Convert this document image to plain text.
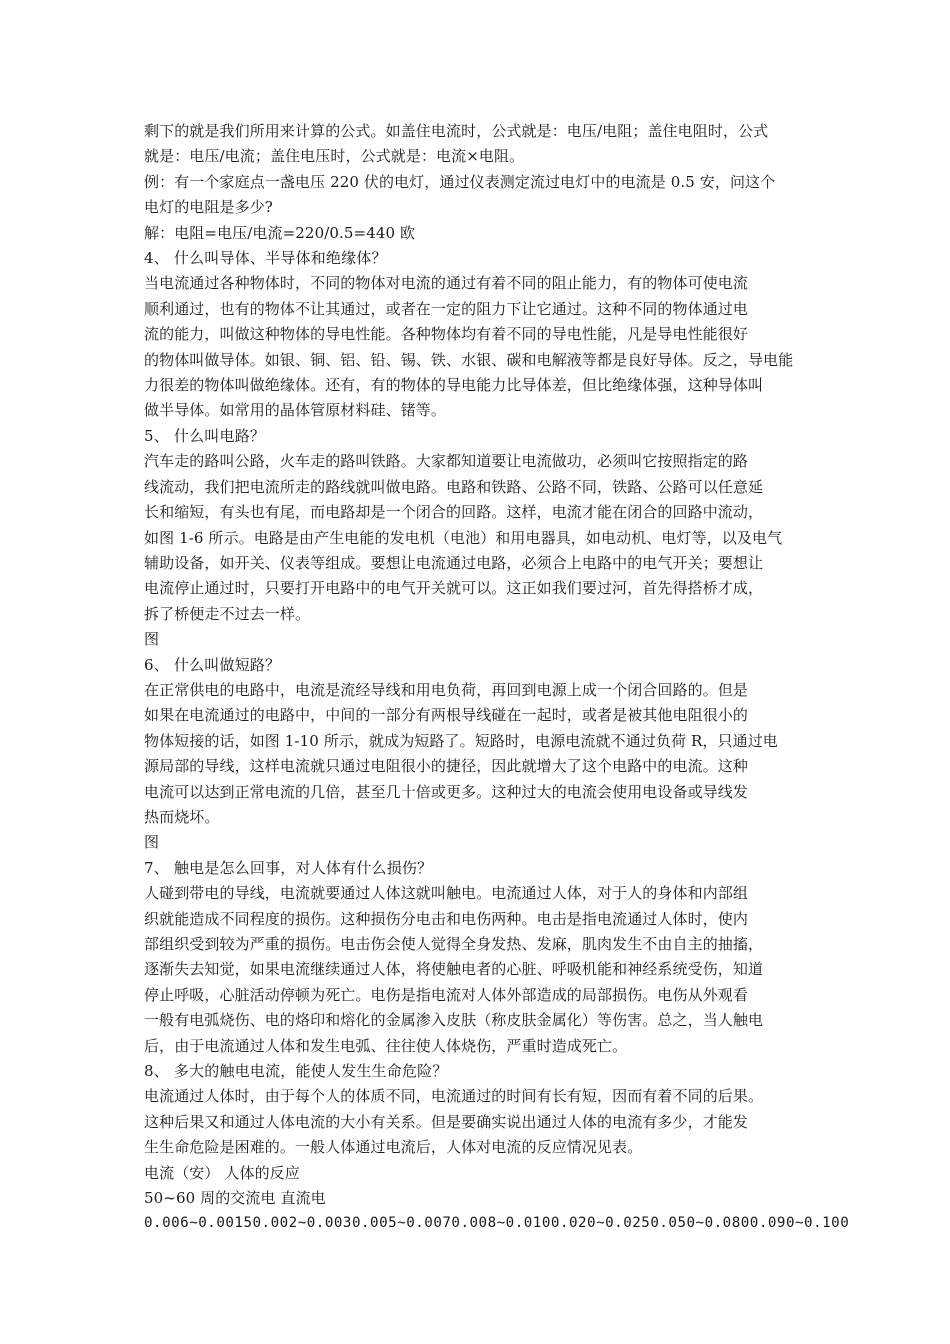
剩下的就是我们所用来计算的公式。如盖住电流时，公式就是：电压/电阻；盖住电阻时，公式
就是：电压/电流；盖住电压时，公式就是：电流×电阻。
例：有一个家庭点一盏电压 220 伏的电灯，通过仪表测定流过电灯中的电流是 0.5 安，问这个
电灯的电阻是多少?
解：电阻=电压/电流=220/0.5=440 欧
4、 什么叫导体、半导体和绝缘体？
当电流通过各种物体时，不同的物体对电流的通过有着不同的阻止能力，有的物体可使电流
顺利通过，也有的物体不让其通过，或者在一定的阻力下让它通过。这种不同的物体通过电
流的能力，叫做这种物体的导电性能。各种物体均有着不同的导电性能，凡是导电性能很好
的物体叫做导体。如银、铜、铝、铅、锡、铁、水银、碳和电解液等都是良好导体。反之，导电能
力很差的物体叫做绝缘体。还有，有的物体的导电能力比导体差，但比绝缘体强，这种导体叫
做半导体。如常用的晶体管原材料硅、锗等。
5、 什么叫电路？
汽车走的路叫公路，火车走的路叫铁路。大家都知道要让电流做功，必须叫它按照指定的路
线流动，我们把电流所走的路线就叫做电路。电路和铁路、公路不同，铁路、公路可以任意延
长和缩短，有头也有尾，而电路却是一个闭合的回路。这样，电流才能在闭合的回路中流动，
如图 1-6 所示。电路是由产生电能的发电机（电池）和用电器具，如电动机、电灯等，以及电气
辅助设备，如开关、仪表等组成。要想让电流通过电路，必须合上电路中的电气开关；要想让
电流停止通过时，只要打开电路中的电气开关就可以。这正如我们要过河，首先得搭桥才成，
拆了桥便走不过去一样。
图
6、 什么叫做短路？
在正常供电的电路中，电流是流经导线和用电负荷，再回到电源上成一个闭合回路的。但是
如果在电流通过的电路中，中间的一部分有两根导线碰在一起时，或者是被其他电阻很小的
物体短接的话，如图 1-10 所示，就成为短路了。短路时，电源电流就不通过负荷 R，只通过电
源局部的导线，这样电流就只通过电阻很小的捷径，因此就增大了这个电路中的电流。这种
电流可以达到正常电流的几倍，甚至几十倍或更多。这种过大的电流会使用电设备或导线发
热而烧坏。
图
7、 触电是怎么回事，对人体有什么损伤？
人碰到带电的导线，电流就要通过人体这就叫触电。电流通过人体，对于人的身体和内部组
织就能造成不同程度的损伤。这种损伤分电击和电伤两种。电击是指电流通过人体时，使内
部组织受到较为严重的损伤。电击伤会使人觉得全身发热、发麻，肌肉发生不由自主的抽搐，
逐渐失去知觉，如果电流继续通过人体，将使触电者的心脏、呼吸机能和神经系统受伤，知道
停止呼吸，心脏活动停顿为死亡。电伤是指电流对人体外部造成的局部损伤。电伤从外观看
一般有电弧烧伤、电的烙印和熔化的金属渗入皮肤（称皮肤金属化）等伤害。总之，当人触电
后，由于电流通过人体和发生电弧、往往使人体烧伤，严重时造成死亡。
8、 多大的触电电流，能使人发生生命危险？
电流通过人体时，由于每个人的体质不同，电流通过的时间有长有短，因而有着不同的后果。
这种后果又和通过人体电流的大小有关系。但是要确实说出通过人体的电流有多少，才能发
生生命危险是困难的。一般人体通过电流后，人体对电流的反应情况见表。
电流（安） 人体的反应
50~60 周的交流电 直流电
0.006~0.00150.002~0.0030.005~0.0070.008~0.0100.020~0.0250.050~0.0800.090~0.100
